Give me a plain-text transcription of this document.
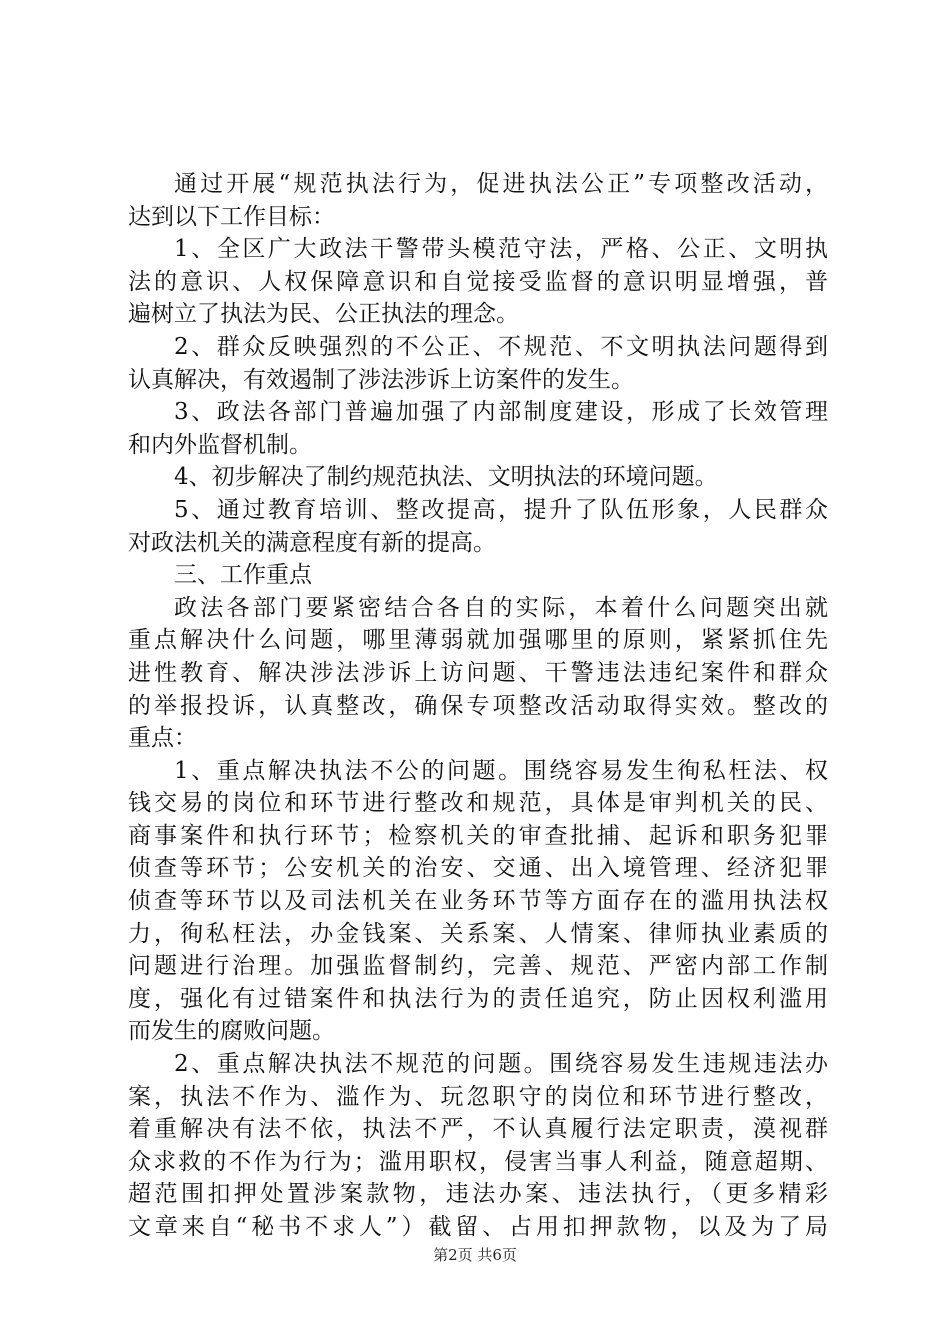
通过开展“规范执法行为，促进执法公正”专项整改活动，
达到以下工作目标：
1、全区广大政法干警带头模范守法，严格、公正、文明执
法的意识、人权保障意识和自觉接受监督的意识明显增强，普
遍树立了执法为民、公正执法的理念。
2、群众反映强烈的不公正、不规范、不文明执法问题得到
认真解决，有效遏制了涉法涉诉上访案件的发生。
3、政法各部门普遍加强了内部制度建设，形成了长效管理
和内外监督机制。
4、初步解决了制约规范执法、文明执法的环境问题。
5、通过教育培训、整改提高，提升了队伍形象，人民群众
对政法机关的满意程度有新的提高。
三、工作重点
政法各部门要紧密结合各自的实际，本着什么问题突出就
重点解决什么问题，哪里薄弱就加强哪里的原则，紧紧抓住先
进性教育、解决涉法涉诉上访问题、干警违法违纪案件和群众
的举报投诉，认真整改，确保专项整改活动取得实效。整改的
重点：
1、重点解决执法不公的问题。围绕容易发生徇私枉法、权
钱交易的岗位和环节进行整改和规范，具体是审判机关的民、
商事案件和执行环节；检察机关的审查批捕、起诉和职务犯罪
侦查等环节；公安机关的治安、交通、出入境管理、经济犯罪
侦查等环节以及司法机关在业务环节等方面存在的滥用执法权
力，徇私枉法，办金钱案、关系案、人情案、律师执业素质的
问题进行治理。加强监督制约，完善、规范、严密内部工作制
度，强化有过错案件和执法行为的责任追究，防止因权利滥用
而发生的腐败问题。
2、重点解决执法不规范的问题。围绕容易发生违规违法办
案，执法不作为、滥作为、玩忽职守的岗位和环节进行整改，
着重解决有法不依，执法不严，不认真履行法定职责，漠视群
众求救的不作为行为；滥用职权，侵害当事人利益，随意超期、
超范围扣押处置涉案款物，违法办案、违法执行，（更多精彩
文章来自“秘书不求人”）截留、占用扣押款物，以及为了局
第2页 共6页
